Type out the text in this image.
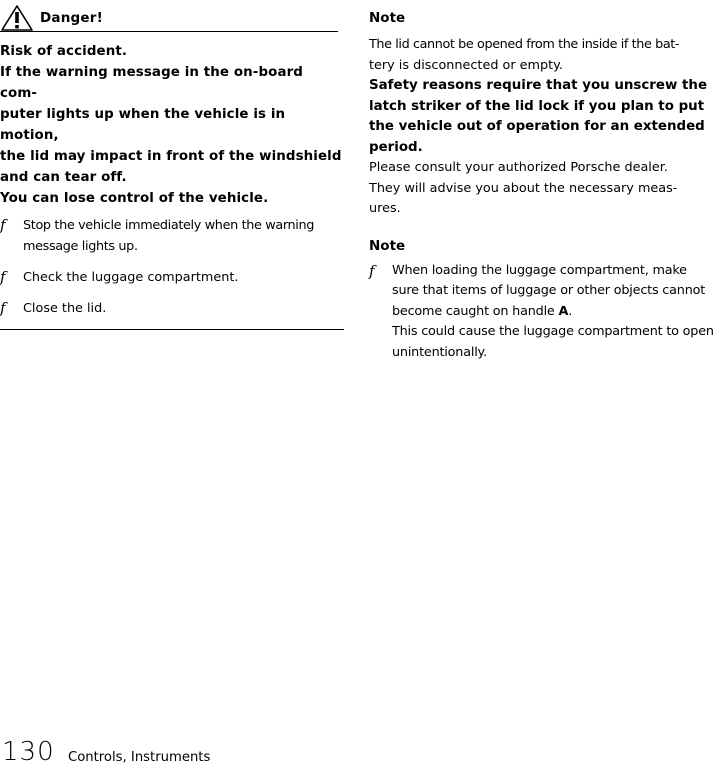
Danger!

Risk of accident.

If the warning message in the on-board com-

puter lights up when the vehicle is in motion,

the lid may impact in front of the windshield

and can tear off.

You can lose control of the vehicle.

f Stop the vehicle immediately when the warning message lights up.
f Check the luggage compartment.
f Close the lid.
Note
The lid cannot be opened from the inside if the bat-
tery is disconnected or empty.
Safety reasons require that you unscrew the latch striker of the lid lock if you plan to put the vehicle out of operation for an extended period.
Please consult your authorized Porsche dealer.
They will advise you about the necessary meas-
ures.
Note
f When loading the luggage compartment, make sure that items of luggage or other objects cannot become caught on handle A.
This could cause the luggage compartment to open unintentionally.
130 Controls, Instruments
